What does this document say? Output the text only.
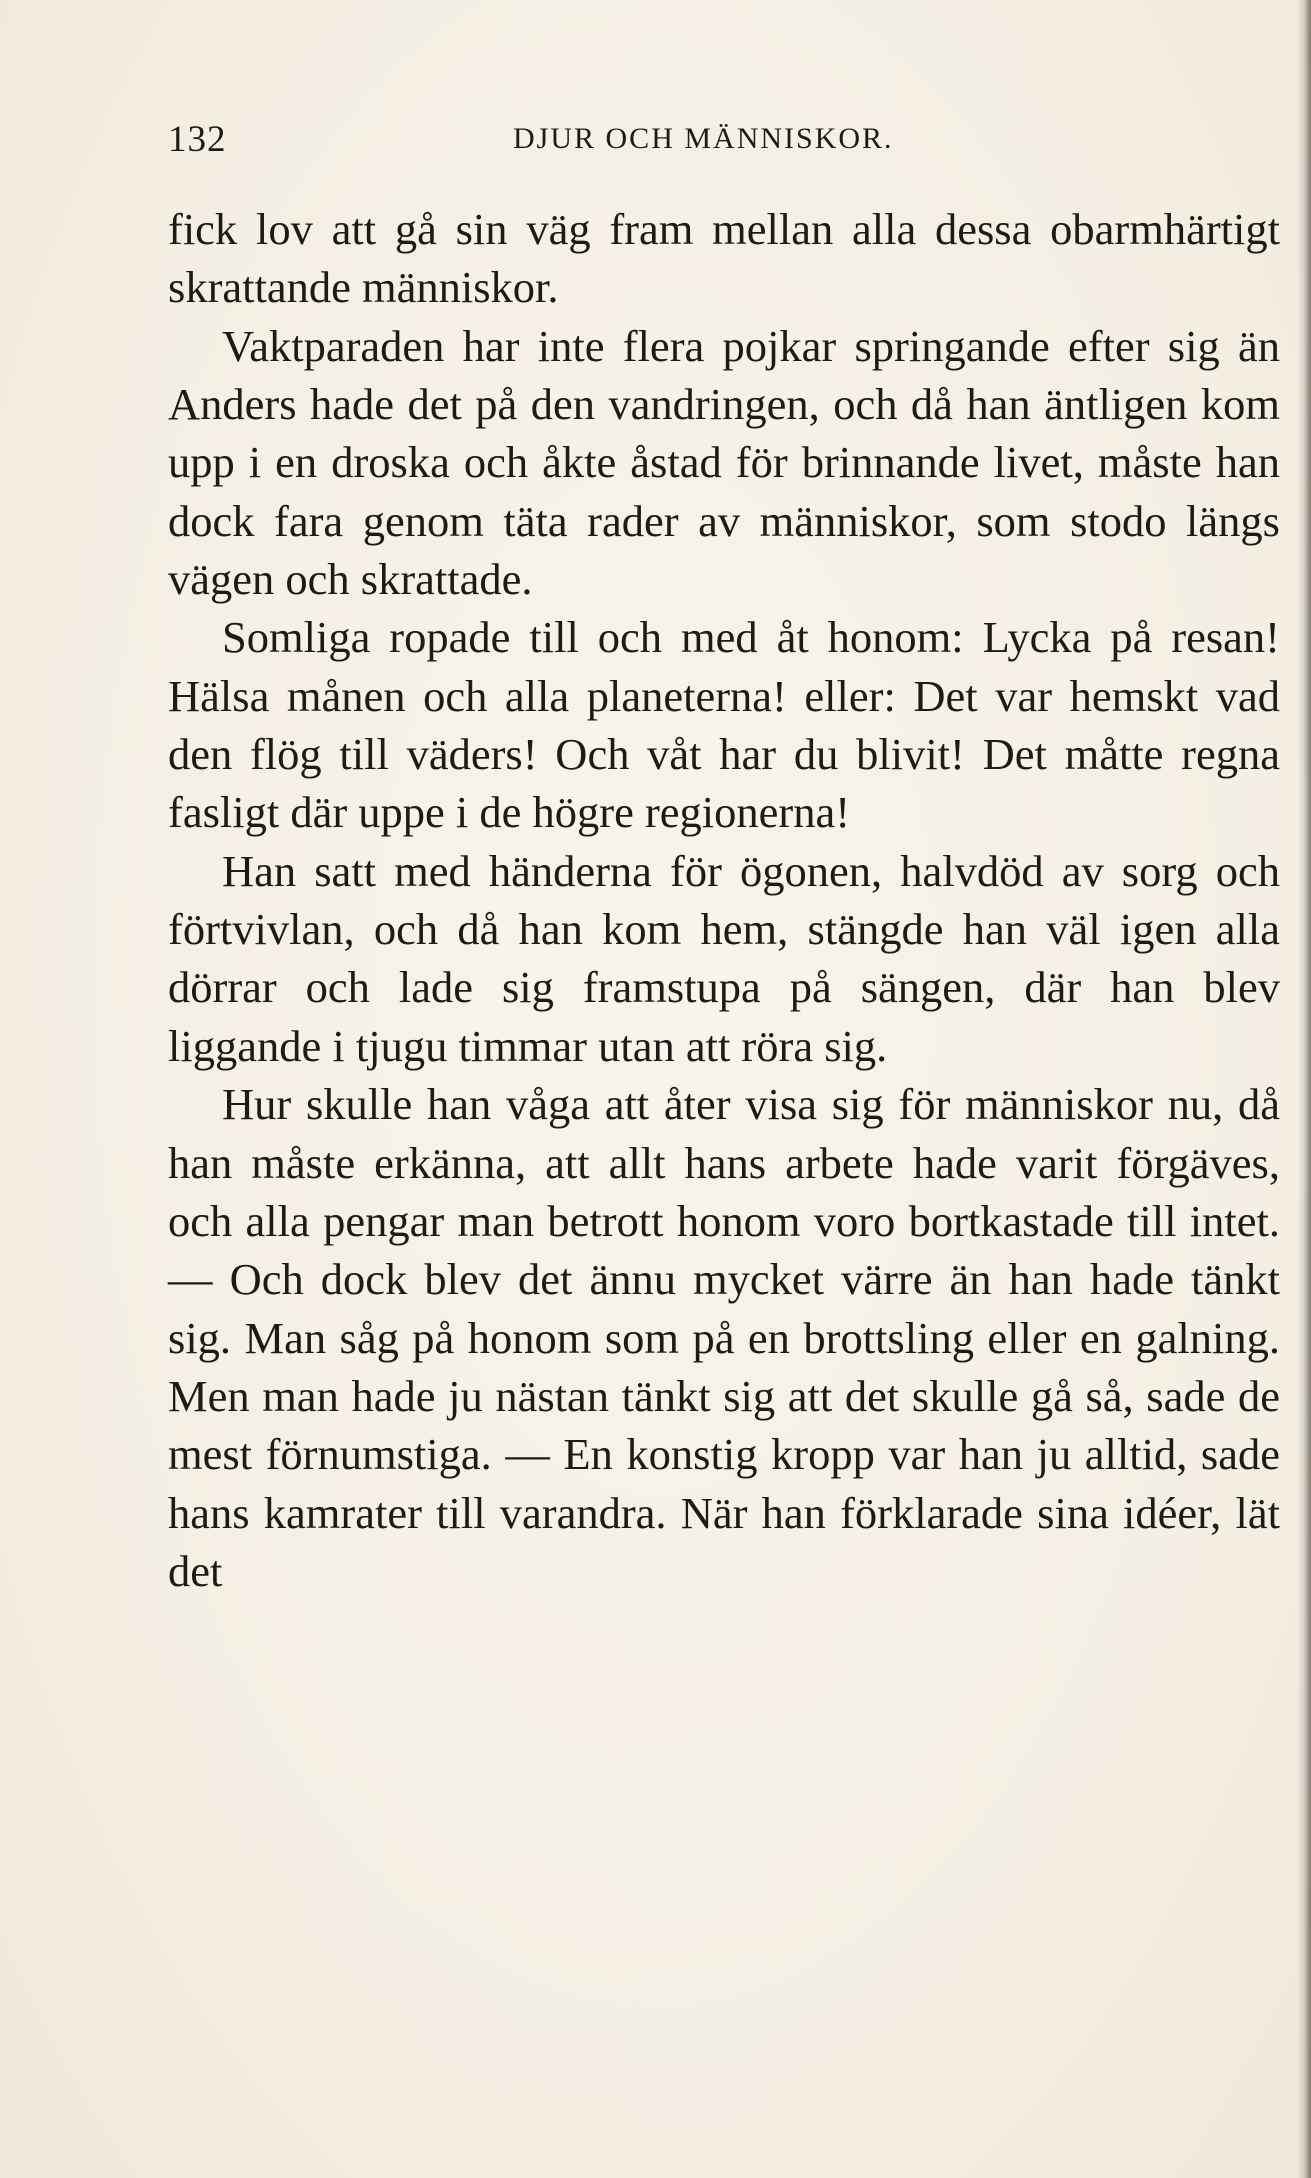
132	DJUR OCH MÄNNISKOR.

fick lov att gå sin väg fram mellan alla dessa obarmhärtigt skrattande människor.

Vaktparaden har inte flera pojkar springande efter sig än Anders hade det på den vandringen, och då han äntligen kom upp i en droska och åkte åstad för brinnande livet, måste han dock fara genom täta rader av människor, som stodo längs vägen och skrattade.

Somliga ropade till och med åt honom: Lycka på resan! Hälsa månen och alla planeterna! eller: Det var hemskt vad den flög till väders! Och våt har du blivit! Det måtte regna fasligt där uppe i de högre regionerna!

Han satt med händerna för ögonen, halvdöd av sorg och förtvivlan, och då han kom hem, stängde han väl igen alla dörrar och lade sig framstupa på sängen, där han blev liggande i tjugu timmar utan att röra sig.

Hur skulle han våga att åter visa sig för människor nu, då han måste erkänna, att allt hans arbete hade varit förgäves, och alla pengar man betrott honom voro bortkastade till intet. — Och dock blev det ännu mycket värre än han hade tänkt sig. Man såg på honom som på en brottsling eller en galning. Men man hade ju nästan tänkt sig att det skulle gå så, sade de mest förnumstiga. — En konstig kropp var han ju alltid, sade hans kamrater till varandra. När han förklarade sina idéer, lät det
